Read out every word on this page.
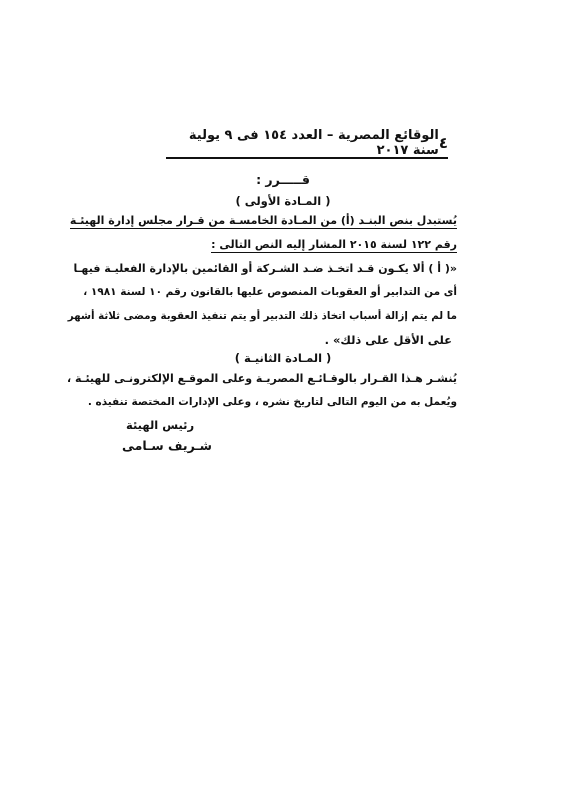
٤
الوقائع المصرية – العدد ١٥٤ فى ٩ يولية سنة ٢٠١٧
قـــــرر :
( المـادة الأولى )
يُستبدل بنص البنـد (أ) من المـادة الخامسـة من قـرار مجلس إدارة الهيئـة
رقم ١٢٢ لسنة ٢٠١٥ المشار إليه النص التالى :
«( أ ) ألا يكـون قـد اتخـذ ضـد الشـركة أو القائمين بالإدارة الفعليـة فيهـا
أى من التدابير أو العقوبات المنصوص عليها بالقانون رقم ١٠ لسنة ١٩٨١ ،
ما لم يتم إزالة أسباب اتخاذ ذلك التدبير أو يتم تنفيذ العقوبة ومضى ثلاثة أشهر
على الأقل على ذلك» .
( المـادة الثانيـة )
يُنشـر هـذا القـرار بالوقـائـع المصريـة وعلى الموقـع الإلكترونـى للهيئـة ،
ويُعمل به من اليوم التالى لتاريخ نشره ، وعلى الإدارات المختصة تنفيذه .
رئيس الهيئة
شـريف سـامى
